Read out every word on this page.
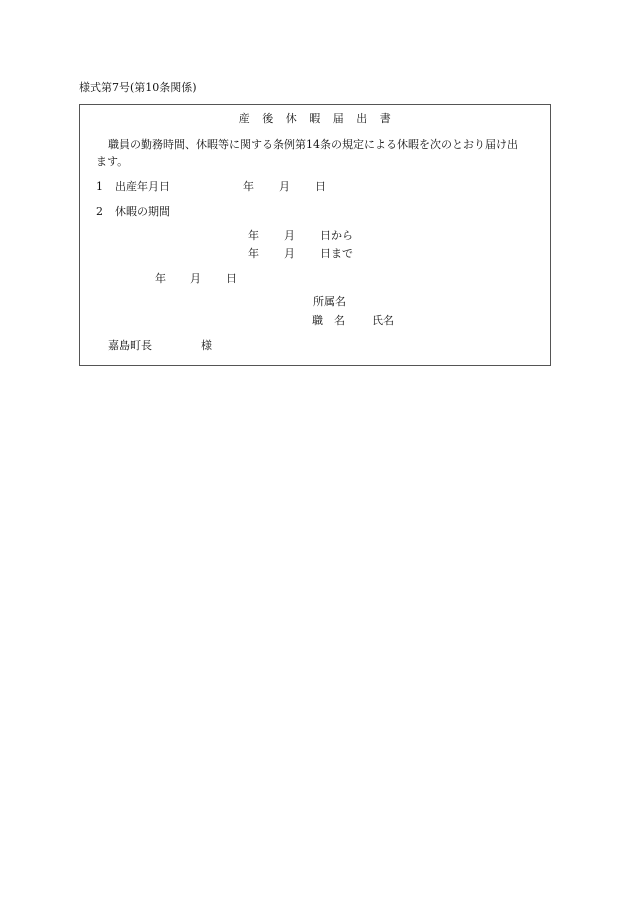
様式第7号(第10条関係)
産 後 休 暇 届 出 書
職員の勤務時間、休暇等に関する条例第14条の規定による休暇を次のとおり届け出
ます。
1 出産年月日	年 月 日
2 休暇の期間
年 月 日から
年 月 日まで
年 月 日
所属名
職　名 氏名
嘉島町長	様
